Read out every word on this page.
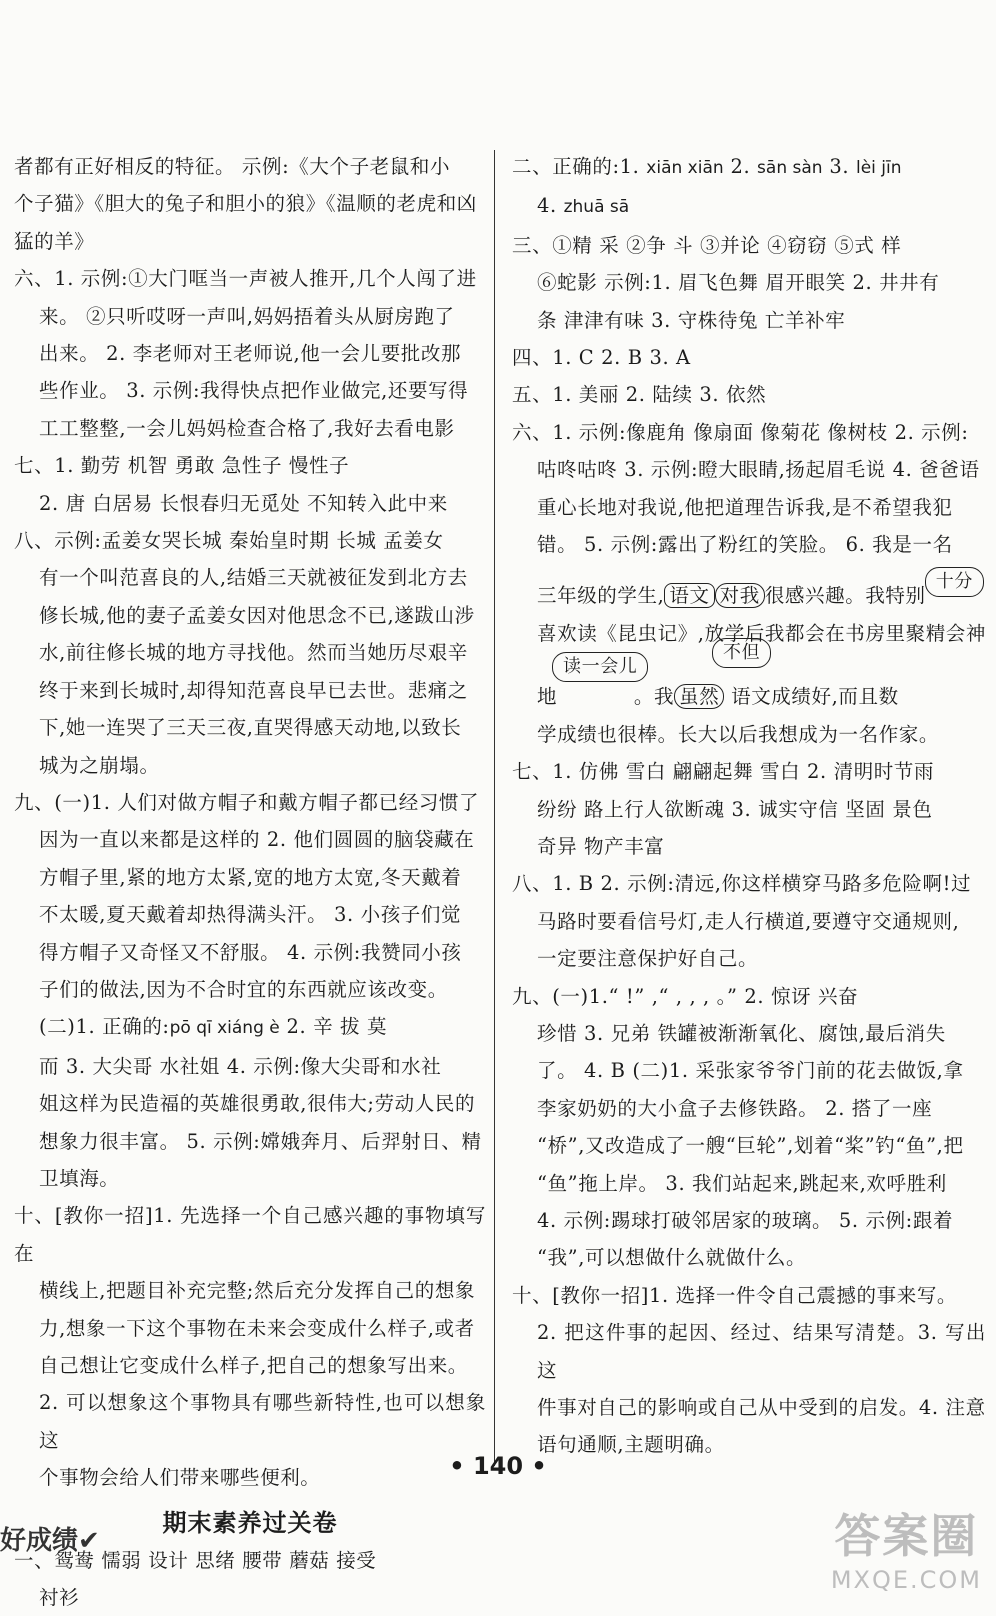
者都有正好相反的特征。 示例:《大个子老鼠和小

个子猫》《胆大的兔子和胆小的狼》《温顺的老虎和凶

猛的羊》

六、1. 示例:①大门哐当一声被人推开,几个人闯了进

来。 ②只听哎呀一声叫,妈妈捂着头从厨房跑了

出来。 2. 李老师对王老师说,他一会儿要批改那

些作业。 3. 示例:我得快点把作业做完,还要写得

工工整整,一会儿妈妈检查合格了,我好去看电影

七、1. 勤劳 机智 勇敢 急性子 慢性子

2. 唐 白居易 长恨春归无觅处 不知转入此中来

八、示例:孟姜女哭长城 秦始皇时期 长城 孟姜女

有一个叫范喜良的人,结婚三天就被征发到北方去

修长城,他的妻子孟姜女因对他思念不已,遂跋山涉

水,前往修长城的地方寻找他。然而当她历尽艰辛

终于来到长城时,却得知范喜良早已去世。悲痛之

下,她一连哭了三天三夜,直哭得感天动地,以致长

城为之崩塌。

九、(一)1. 人们对做方帽子和戴方帽子都已经习惯了

因为一直以来都是这样的 2. 他们圆圆的脑袋藏在

方帽子里,紧的地方太紧,宽的地方太宽,冬天戴着

不太暖,夏天戴着却热得满头汗。 3. 小孩子们觉

得方帽子又奇怪又不舒服。 4. 示例:我赞同小孩

子们的做法,因为不合时宜的东西就应该改变。

(二)1. 正确的:pō qī xiáng è 2. 辛 拔 莫

而 3. 大尖哥 水社姐 4. 示例:像大尖哥和水社

姐这样为民造福的英雄很勇敢,很伟大;劳动人民的

想象力很丰富。 5. 示例:嫦娥奔月、后羿射日、精

卫填海。

十、[教你一招]1. 先选择一个自己感兴趣的事物填写在

横线上,把题目补充完整;然后充分发挥自己的想象

力,想象一下这个事物在未来会变成什么样子,或者

自己想让它变成什么样子,把自己的想象写出来。

2. 可以想象这个事物具有哪些新特性,也可以想象这

个事物会给人们带来哪些便利。

期末素养过关卷

一、鸳鸯 懦弱 设计 思绪 腰带 蘑菇 接受

衬衫

二、正确的:1. xiān xiān 2. sān sàn 3. lèi jīn

4. zhuā sā

三、①精 采 ②争 斗 ③并论 ④窃窃 ⑤式 样

⑥蛇影 示例:1. 眉飞色舞 眉开眼笑 2. 井井有

条 津津有味 3. 守株待兔 亡羊补牢

四、1. C 2. B 3. A

五、1. 美丽 2. 陆续 3. 依然

六、1. 示例:像鹿角 像扇面 像菊花 像树枝 2. 示例:

咕咚咕咚 3. 示例:瞪大眼睛,扬起眉毛说 4. 爸爸语

重心长地对我说,他把道理告诉我,是不希望我犯

错。 5. 示例:露出了粉红的笑脸。 6. 我是一名

三年级的学生, 语文 对我 很感兴趣。我特别
十分

喜欢读《昆虫记》,放学后我都会在书房里聚精会神

读一会儿
不但
地	。我 虽然 语文成绩好,而且数

学成绩也很棒。长大以后我想成为一名作家。

七、1. 仿佛 雪白 翩翩起舞 雪白 2. 清明时节雨

纷纷 路上行人欲断魂 3. 诚实守信 坚固 景色

奇异 物产丰富

八、1. B 2. 示例:清远,你这样横穿马路多危险啊!过

马路时要看信号灯,走人行横道,要遵守交通规则,

一定要注意保护好自己。

九、(一)1.“ !” ,“ , , , 。” 2. 惊讶 兴奋

珍惜 3. 兄弟 铁罐被渐渐氧化、腐蚀,最后消失

了。 4. B (二)1. 采张家爷爷门前的花去做饭,拿

李家奶奶的大小盒子去修铁路。 2. 搭了一座

“桥”,又改造成了一艘“巨轮”,划着“桨”钓“鱼”,把

“鱼”拖上岸。 3. 我们站起来,跳起来,欢呼胜利

4. 示例:踢球打破邻居家的玻璃。 5. 示例:跟着

“我”,可以想做什么就做什么。

十、[教你一招]1. 选择一件令自己震撼的事来写。

2. 把这件事的起因、经过、结果写清楚。3. 写出这

件事对自己的影响或自己从中受到的启发。4. 注意

语句通顺,主题明确。

• 140 •
好成绩✔	答案圈
MXQE.COM
